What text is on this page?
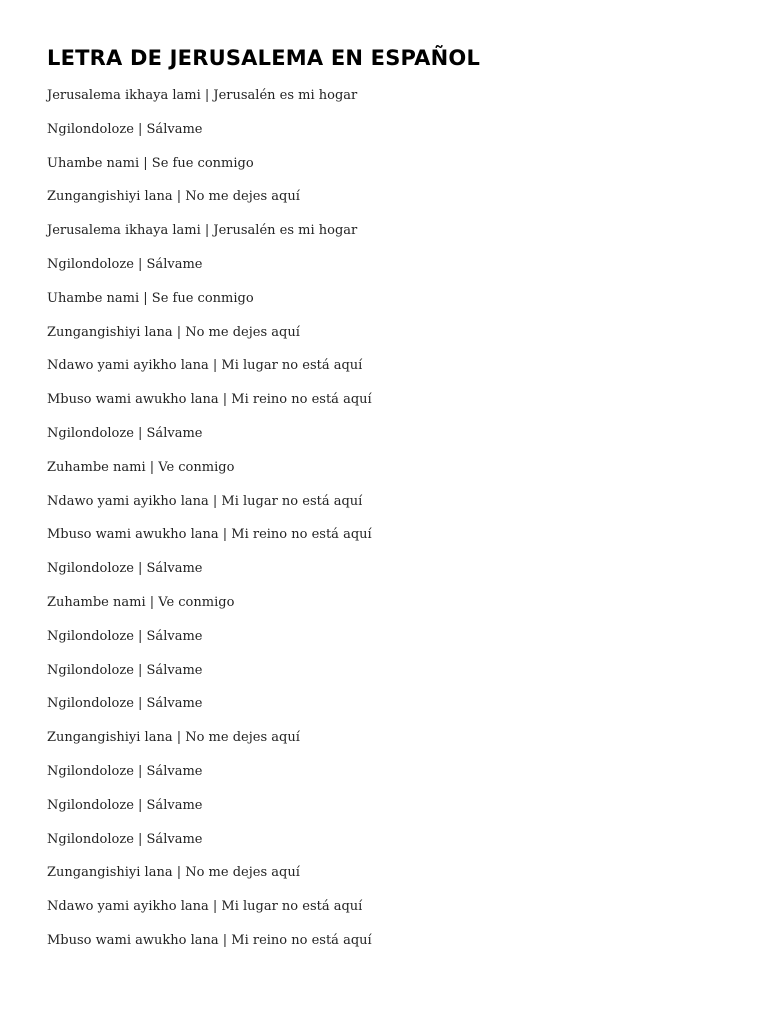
LETRA DE JERUSALEMA EN ESPAÑOL
Jerusalema ikhaya lami | Jerusalén es mi hogar
Ngilondoloze | Sálvame
Uhambe nami | Se fue conmigo
Zungangishiyi lana | No me dejes aquí
Jerusalema ikhaya lami | Jerusalén es mi hogar
Ngilondoloze | Sálvame
Uhambe nami | Se fue conmigo
Zungangishiyi lana | No me dejes aquí
Ndawo yami ayikho lana | Mi lugar no está aquí
Mbuso wami awukho lana | Mi reino no está aquí
Ngilondoloze | Sálvame
Zuhambe nami | Ve conmigo
Ndawo yami ayikho lana | Mi lugar no está aquí
Mbuso wami awukho lana | Mi reino no está aquí
Ngilondoloze | Sálvame
Zuhambe nami | Ve conmigo
Ngilondoloze | Sálvame
Ngilondoloze | Sálvame
Ngilondoloze | Sálvame
Zungangishiyi lana | No me dejes aquí
Ngilondoloze | Sálvame
Ngilondoloze | Sálvame
Ngilondoloze | Sálvame
Zungangishiyi lana | No me dejes aquí
Ndawo yami ayikho lana | Mi lugar no está aquí
Mbuso wami awukho lana | Mi reino no está aquí
